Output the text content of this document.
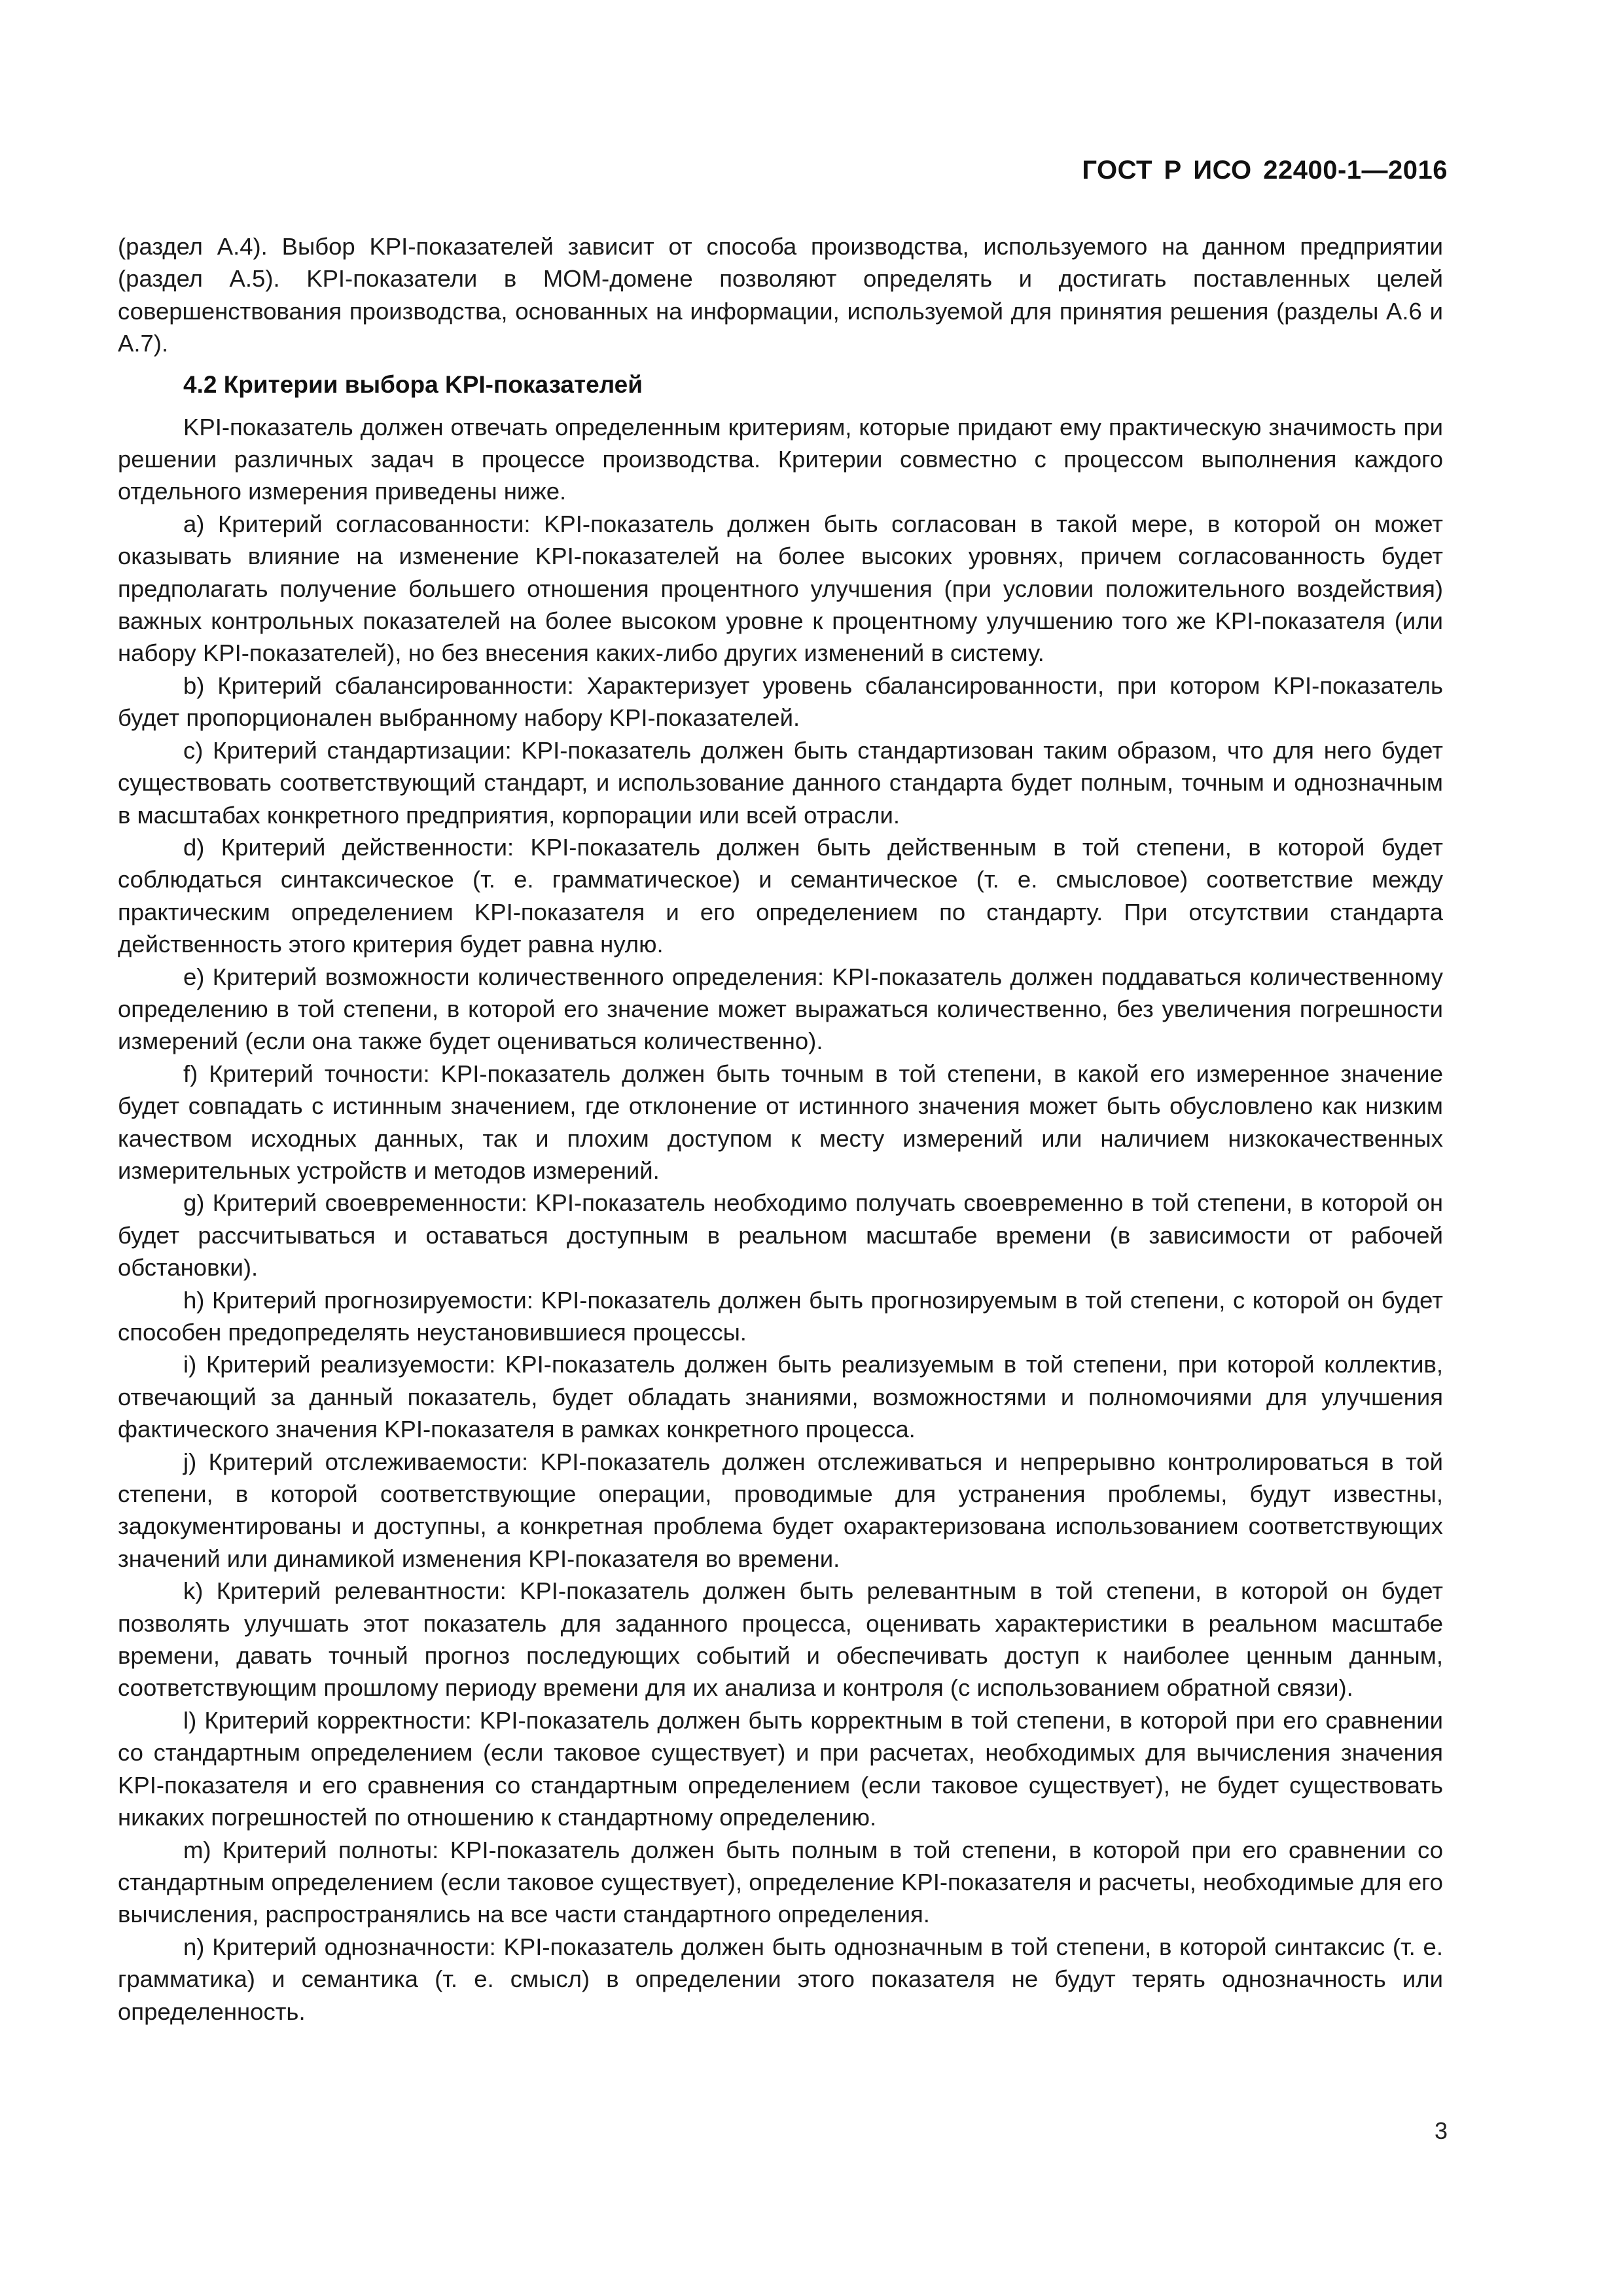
ГОСТ Р ИСО 22400-1—2016

(раздел А.4). Выбор KPI-показателей зависит от способа производства, используемого на данном предприятии (раздел А.5). KPI-показатели в МОМ-домене позволяют определять и достигать поставленных целей совершенствования производства, основанных на информации, используемой для принятия решения (разделы А.6 и А.7).

4.2 Критерии выбора KPI-показателей

KPI-показатель должен отвечать определенным критериям, которые придают ему практическую значимость при решении различных задач в процессе производства. Критерии совместно с процессом выполнения каждого отдельного измерения приведены ниже.

a) Критерий согласованности: KPI-показатель должен быть согласован в такой мере, в которой он может оказывать влияние на изменение KPI-показателей на более высоких уровнях, причем согласованность будет предполагать получение большего отношения процентного улучшения (при условии положительного воздействия) важных контрольных показателей на более высоком уровне к процентному улучшению того же KPI-показателя (или набору KPI-показателей), но без внесения каких-либо других изменений в систему.

b) Критерий сбалансированности: Характеризует уровень сбалансированности, при котором KPI-показатель будет пропорционален выбранному набору KPI-показателей.

c) Критерий стандартизации: KPI-показатель должен быть стандартизован таким образом, что для него будет существовать соответствующий стандарт, и использование данного стандарта будет полным, точным и однозначным в масштабах конкретного предприятия, корпорации или всей отрасли.

d) Критерий действенности: KPI-показатель должен быть действенным в той степени, в которой будет соблюдаться синтаксическое (т. е. грамматическое) и семантическое (т. е. смысловое) соответствие между практическим определением KPI-показателя и его определением по стандарту. При отсутствии стандарта действенность этого критерия будет равна нулю.

e) Критерий возможности количественного определения: KPI-показатель должен поддаваться количественному определению в той степени, в которой его значение может выражаться количественно, без увеличения погрешности измерений (если она также будет оцениваться количественно).

f) Критерий точности: KPI-показатель должен быть точным в той степени, в какой его измеренное значение будет совпадать с истинным значением, где отклонение от истинного значения может быть обусловлено как низким качеством исходных данных, так и плохим доступом к месту измерений или наличием низкокачественных измерительных устройств и методов измерений.

g) Критерий своевременности: KPI-показатель необходимо получать своевременно в той степени, в которой он будет рассчитываться и оставаться доступным в реальном масштабе времени (в зависимости от рабочей обстановки).

h) Критерий прогнозируемости: KPI-показатель должен быть прогнозируемым в той степени, с которой он будет способен предопределять неустановившиеся процессы.

i) Критерий реализуемости: KPI-показатель должен быть реализуемым в той степени, при которой коллектив, отвечающий за данный показатель, будет обладать знаниями, возможностями и полномочиями для улучшения фактического значения KPI-показателя в рамках конкретного процесса.

j) Критерий отслеживаемости: KPI-показатель должен отслеживаться и непрерывно контролироваться в той степени, в которой соответствующие операции, проводимые для устранения проблемы, будут известны, задокументированы и доступны, а конкретная проблема будет охарактеризована использованием соответствующих значений или динамикой изменения KPI-показателя во времени.

k) Критерий релевантности: KPI-показатель должен быть релевантным в той степени, в которой он будет позволять улучшать этот показатель для заданного процесса, оценивать характеристики в реальном масштабе времени, давать точный прогноз последующих событий и обеспечивать доступ к наиболее ценным данным, соответствующим прошлому периоду времени для их анализа и контроля (с использованием обратной связи).

l) Критерий корректности: KPI-показатель должен быть корректным в той степени, в которой при его сравнении со стандартным определением (если таковое существует) и при расчетах, необходимых для вычисления значения KPI-показателя и его сравнения со стандартным определением (если таковое существует), не будет существовать никаких погрешностей по отношению к стандартному определению.

m) Критерий полноты: KPI-показатель должен быть полным в той степени, в которой при его сравнении со стандартным определением (если таковое существует), определение KPI-показателя и расчеты, необходимые для его вычисления, распространялись на все части стандартного определения.

n) Критерий однозначности: KPI-показатель должен быть однозначным в той степени, в которой синтаксис (т. е. грамматика) и семантика (т. е. смысл) в определении этого показателя не будут терять однозначность или определенность.

3
